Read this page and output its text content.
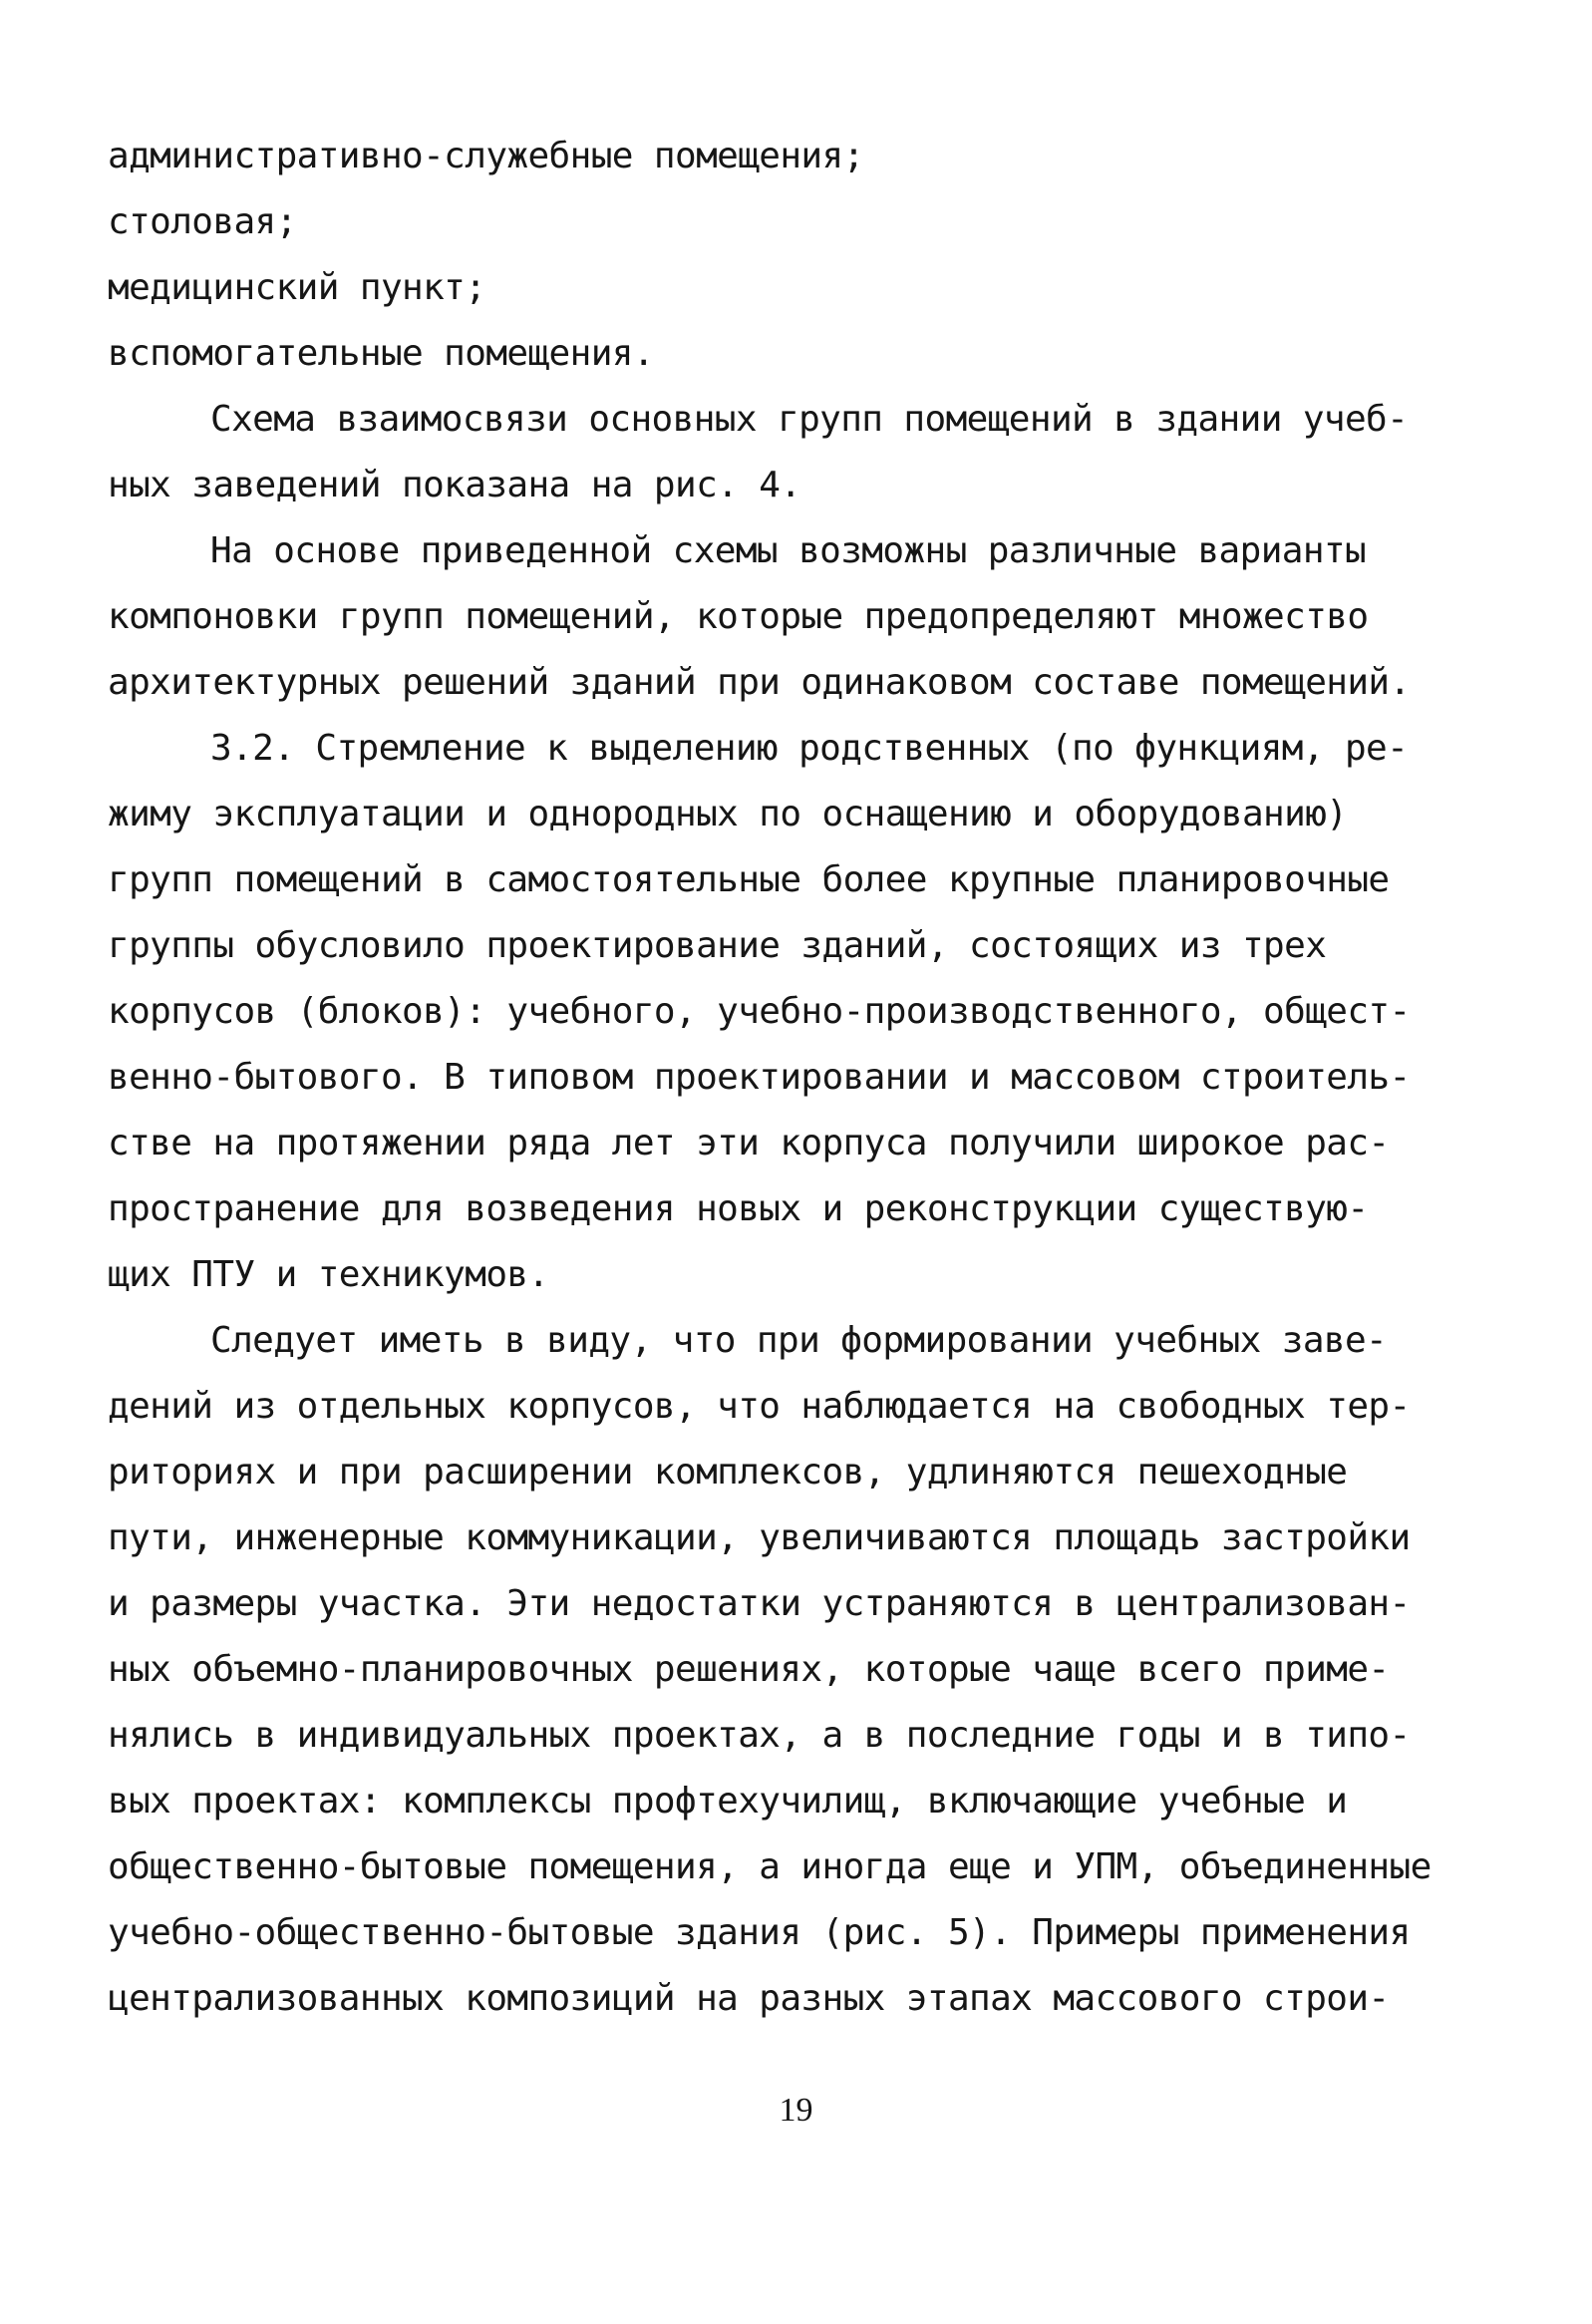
административно-служебные помещения;
столовая;
медицинский пункт;
вспомогательные помещения.
Схема взаимосвязи основных групп помещений в здании учеб-
ных заведений показана на рис. 4.
На основе приведенной схемы возможны различные варианты
компоновки групп помещений, которые предопределяют множество
архитектурных решений зданий при одинаковом составе помещений.
3.2. Стремление к выделению родственных (по функциям, ре-
жиму эксплуатации и однородных по оснащению и оборудованию)
групп помещений в самостоятельные более крупные планировочные
группы обусловило проектирование зданий, состоящих из трех
корпусов (блоков): учебного, учебно-производственного, общест-
венно-бытового. В типовом проектировании и массовом строитель-
стве на протяжении ряда лет эти корпуса получили широкое рас-
пространение для возведения новых и реконструкции существую-
щих ПТУ и техникумов.
Следует иметь в виду, что при формировании учебных заве-
дений из отдельных корпусов, что наблюдается на свободных тер-
риториях и при расширении комплексов, удлиняются пешеходные
пути, инженерные коммуникации, увеличиваются площадь застройки
и размеры участка. Эти недостатки устраняются в централизован-
ных объемно-планировочных решениях, которые чаще всего приме-
нялись в индивидуальных проектах, а в последние годы и в типо-
вых проектах: комплексы профтехучилищ, включающие учебные и
общественно-бытовые помещения, а иногда еще и УПМ, объединенные
учебно-общественно-бытовые здания (рис. 5). Примеры применения
централизованных композиций на разных этапах массового строи-
19
